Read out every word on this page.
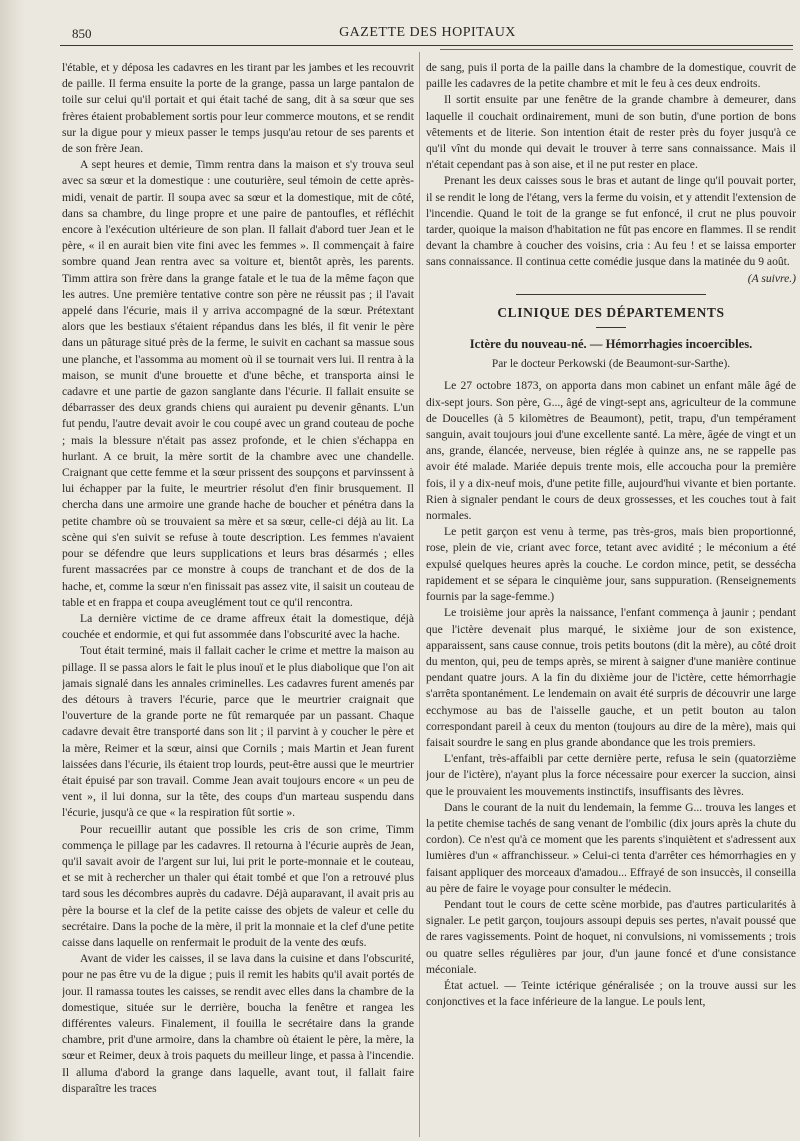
850	GAZETTE DES HOPITAUX

l'étable, et y déposa les cadavres en les tirant par les jambes et les recouvrit de paille. Il ferma ensuite la porte de la grange, passa un large pantalon de toile sur celui qu'il portait et qui était taché de sang, dit à sa sœur que ses frères étaient probablement sortis pour leur commerce moutons, et se rendit sur la digue pour y mieux passer le temps jusqu'au retour de ses parents et de son frère Jean.

A sept heures et demie, Timm rentra dans la maison et s'y trouva seul avec sa sœur et la domestique : une couturière, seul témoin de cette après-midi, venait de partir. Il soupa avec sa sœur et la domestique, mit de côté, dans sa chambre, du linge propre et une paire de pantoufles, et réfléchit encore à l'exécution ultérieure de son plan. Il fallait d'abord tuer Jean et le père, « il en aurait bien vite fini avec les femmes ». Il commençait à faire sombre quand Jean rentra avec sa voiture et, bientôt après, les parents. Timm attira son frère dans la grange fatale et le tua de la même façon que les autres. Une première tentative contre son père ne réussit pas ; il l'avait appelé dans l'écurie, mais il y arriva accompagné de la sœur. Prétextant alors que les bestiaux s'étaient répandus dans les blés, il fit venir le père dans un pâturage situé près de la ferme, le suivit en cachant sa massue sous une planche, et l'assomma au moment où il se tournait vers lui. Il rentra à la maison, se munit d'une brouette et d'une bêche, et transporta ainsi le cadavre et une partie de gazon sanglante dans l'écurie. Il fallait ensuite se débarrasser des deux grands chiens qui auraient pu devenir gênants. L'un fut pendu, l'autre devait avoir le cou coupé avec un grand couteau de poche ; mais la blessure n'était pas assez profonde, et le chien s'échappa en hurlant. A ce bruit, la mère sortit de la chambre avec une chandelle. Craignant que cette femme et la sœur prissent des soupçons et parvinssent à lui échapper par la fuite, le meurtrier résolut d'en finir brusquement. Il chercha dans une armoire une grande hache de boucher et pénétra dans la petite chambre où se trouvaient sa mère et sa sœur, celle-ci déjà au lit. La scène qui s'en suivit se refuse à toute description. Les femmes n'avaient pour se défendre que leurs supplications et leurs bras désarmés ; elles furent massacrées par ce monstre à coups de tranchant et de dos de la hache, et, comme la sœur n'en finissait pas assez vite, il saisit un couteau de table et en frappa et coupa aveuglément tout ce qu'il rencontra.

La dernière victime de ce drame affreux était la domestique, déjà couchée et endormie, et qui fut assommée dans l'obscurité avec la hache.

Tout était terminé, mais il fallait cacher le crime et mettre la maison au pillage. Il se passa alors le fait le plus inouï et le plus diabolique que l'on ait jamais signalé dans les annales criminelles. Les cadavres furent amenés par des détours à travers l'écurie, parce que le meurtrier craignait que l'ouverture de la grande porte ne fût remarquée par un passant. Chaque cadavre devait être transporté dans son lit ; il parvint à y coucher le père et la mère, Reimer et la sœur, ainsi que Cornils ; mais Martin et Jean furent laissées dans l'écurie, ils étaient trop lourds, peut-être aussi que le meurtrier était épuisé par son travail. Comme Jean avait toujours encore « un peu de vent », il lui donna, sur la tête, des coups d'un marteau suspendu dans l'écurie, jusqu'à ce que « la respiration fût sortie ».

Pour recueillir autant que possible les cris de son crime, Timm commença le pillage par les cadavres. Il retourna à l'écurie auprès de Jean, qu'il savait avoir de l'argent sur lui, lui prit le porte-monnaie et le couteau, et se mit à rechercher un thaler qui était tombé et que l'on a retrouvé plus tard sous les décombres auprès du cadavre. Déjà auparavant, il avait pris au père la bourse et la clef de la petite caisse des objets de valeur et celle du secrétaire. Dans la poche de la mère, il prit la monnaie et la clef d'une petite caisse dans laquelle on renfermait le produit de la vente des œufs.

Avant de vider les caisses, il se lava dans la cuisine et dans l'obscurité, pour ne pas être vu de la digue ; puis il remit les habits qu'il avait portés de jour. Il ramassa toutes les caisses, se rendit avec elles dans la chambre de la domestique, située sur le derrière, boucha la fenêtre et rangea les différentes valeurs. Finalement, il fouilla le secrétaire dans la grande chambre, prit d'une armoire, dans la chambre où étaient le père, la mère, la sœur et Reimer, deux à trois paquets du meilleur linge, et passa à l'incendie. Il alluma d'abord la grange dans laquelle, avant tout, il fallait faire disparaître les traces

de sang, puis il porta de la paille dans la chambre de la domestique, couvrit de paille les cadavres de la petite chambre et mit le feu à ces deux endroits.

Il sortit ensuite par une fenêtre de la grande chambre à demeurer, dans laquelle il couchait ordinairement, muni de son butin, d'une portion de bons vêtements et de literie. Son intention était de rester près du foyer jusqu'à ce qu'il vînt du monde qui devait le trouver à terre sans connaissance. Mais il n'était cependant pas à son aise, et il ne put rester en place.

Prenant les deux caisses sous le bras et autant de linge qu'il pouvait porter, il se rendit le long de l'étang, vers la ferme du voisin, et y attendit l'extension de l'incendie. Quand le toit de la grange se fut enfoncé, il crut ne plus pouvoir tarder, quoique la maison d'habitation ne fût pas encore en flammes. Il se rendit devant la chambre à coucher des voisins, cria : Au feu ! et se laissa emporter sans connaissance. Il continua cette comédie jusque dans la matinée du 9 août.

(A suivre.)
CLINIQUE DES DÉPARTEMENTS
Ictère du nouveau-né. — Hémorrhagies incoercibles.
Par le docteur Perkowski (de Beaumont-sur-Sarthe).

Le 27 octobre 1873, on apporta dans mon cabinet un enfant mâle âgé de dix-sept jours. Son père, G..., âgé de vingt-sept ans, agriculteur de la commune de Doucelles (à 5 kilomètres de Beaumont), petit, trapu, d'un tempérament sanguin, avait toujours joui d'une excellente santé. La mère, âgée de vingt et un ans, grande, élancée, nerveuse, bien réglée à quinze ans, ne se rappelle pas avoir été malade. Mariée depuis trente mois, elle accoucha pour la première fois, il y a dix-neuf mois, d'une petite fille, aujourd'hui vivante et bien portante. Rien à signaler pendant le cours de deux grossesses, et les couches tout à fait normales.

Le petit garçon est venu à terme, pas très-gros, mais bien proportionné, rose, plein de vie, criant avec force, tetant avec avidité ; le méconium a été expulsé quelques heures après la couche. Le cordon mince, petit, se dessécha rapidement et se sépara le cinquième jour, sans suppuration. (Renseignements fournis par la sage-femme.)

Le troisième jour après la naissance, l'enfant commença à jaunir ; pendant que l'ictère devenait plus marqué, le sixième jour de son existence, apparaissent, sans cause connue, trois petits boutons (dit la mère), au côté droit du menton, qui, peu de temps après, se mirent à saigner d'une manière continue pendant quatre jours. A la fin du dixième jour de l'ictère, cette hémorrhagie s'arrêta spontanément. Le lendemain on avait été surpris de découvrir une large ecchymose au bas de l'aisselle gauche, et un petit bouton au talon correspondant pareil à ceux du menton (toujours au dire de la mère), mais qui faisait sourdre le sang en plus grande abondance que les trois premiers.

L'enfant, très-affaibli par cette dernière perte, refusa le sein (quatorzième jour de l'ictère), n'ayant plus la force nécessaire pour exercer la succion, ainsi que le prouvaient les mouvements instinctifs, insuffisants des lèvres.

Dans le courant de la nuit du lendemain, la femme G... trouva les langes et la petite chemise tachés de sang venant de l'ombilic (dix jours après la chute du cordon). Ce n'est qu'à ce moment que les parents s'inquiètent et s'adressent aux lumières d'un « affranchisseur. » Celui-ci tenta d'arrêter ces hémorrhagies en y faisant appliquer des morceaux d'amadou... Effrayé de son insuccès, il conseilla au père de faire le voyage pour consulter le médecin.

Pendant tout le cours de cette scène morbide, pas d'autres particularités à signaler. Le petit garçon, toujours assoupi depuis ses pertes, n'avait poussé que de rares vagissements. Point de hoquet, ni convulsions, ni vomissements ; trois ou quatre selles régulières par jour, d'un jaune foncé et d'une consistance méconiale.

État actuel. — Teinte ictérique généralisée ; on la trouve aussi sur les conjonctives et la face inférieure de la langue. Le pouls lent,
